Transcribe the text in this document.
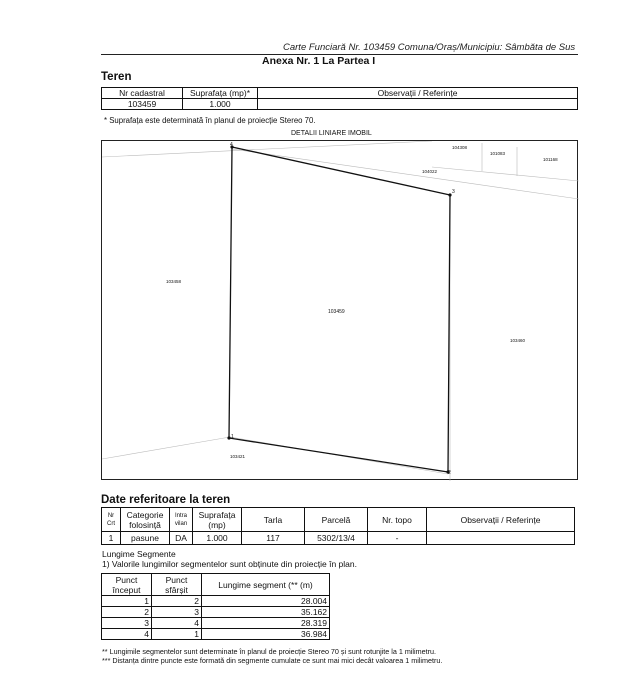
Carte Funciară Nr. 103459 Comuna/Oraș/Municipiu: Sâmbăta de Sus
Anexa Nr. 1 La Partea I
Teren
Nr cadastral	Suprafața (mp)*	Observații / Referințe
103459	1.000	
* Suprafața este determinată în planul de proiecție Stereo 70.
DETALII LINIARE IMOBIL
4
3
2
1
103459
103458
103460
103421
104308
101083
101168
104022
Date referitoare la teren
Nr Crt	Categorie folosință	Intra vilan	Suprafața (mp)	Tarla	Parcelă	Nr. topo	Observații / Referințe
1	pasune	DA	1.000	117	5302/13/4	-	
Lungime Segmente
1) Valorile lungimilor segmentelor sunt obținute din proiecție în plan.
Punct început	Punct sfârșit	Lungime segment (** (m)
1	2	28.004
2	3	35.162
3	4	28.319
4	1	36.984
** Lungimile segmentelor sunt determinate în planul de proiecție Stereo 70 și sunt rotunjite la 1 milimetru.
*** Distanța dintre puncte este formată din segmente cumulate ce sunt mai mici decât valoarea 1 milimetru.
